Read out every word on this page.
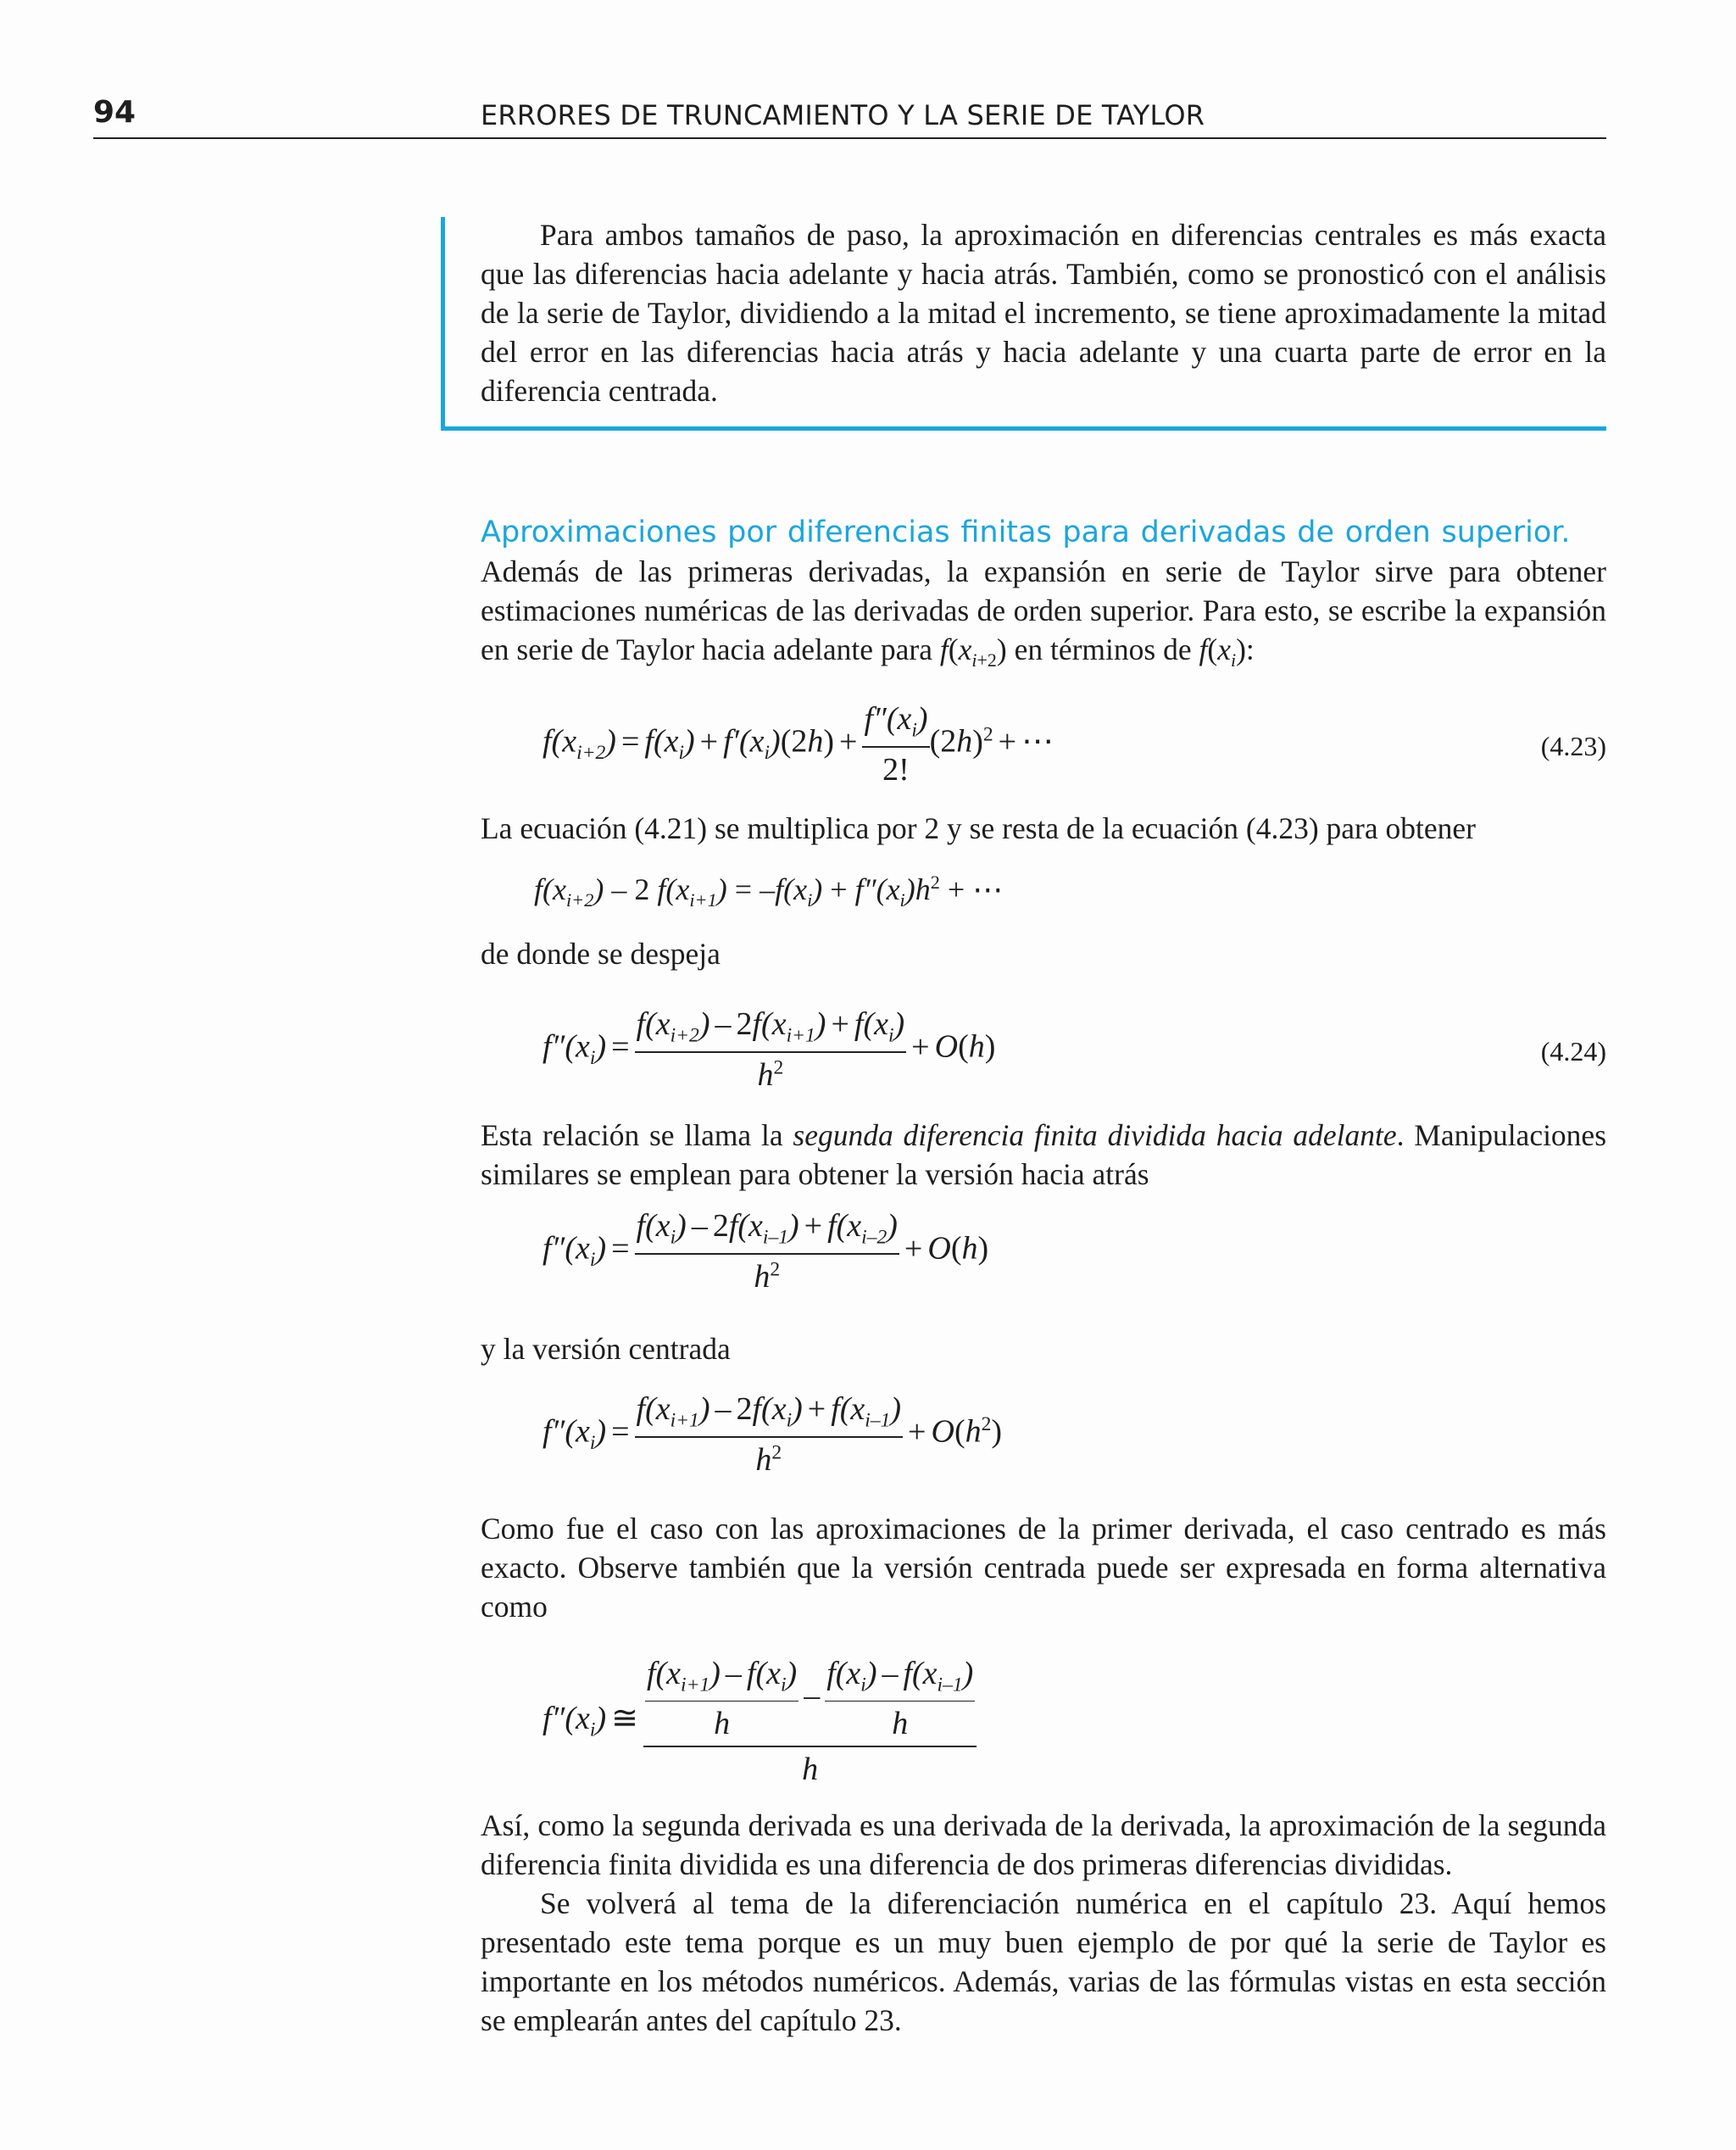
94	ERRORES DE TRUNCAMIENTO Y LA SERIE DE TAYLOR
Para ambos tamaños de paso, la aproximación en diferencias centrales es más exacta que las diferencias hacia adelante y hacia atrás. También, como se pronosticó con el análisis de la serie de Taylor, dividiendo a la mitad el incremento, se tiene aproximadamente la mitad del error en las diferencias hacia atrás y hacia adelante y una cuarta parte de error en la diferencia centrada.
Aproximaciones por diferencias finitas para derivadas de orden superior. Además de las primeras derivadas, la expansión en serie de Taylor sirve para obtener estimaciones numéricas de las derivadas de orden superior. Para esto, se escribe la expansión en serie de Taylor hacia adelante para $f(x_{i+2})$ en términos de $f(x_i)$:
$f(x_{i+2}) = f(x_i) + f'(x_i)(2h) + \frac{f''(x_i)}{2!} (2h)^2$ + ⋯	(4.23)
La ecuación (4.21) se multiplica por 2 y se resta de la ecuación (4.23) para obtener
$f(x_{i+2}) - 2$ $f(x_{i+1}) = -f(x_i) + f''(x_i)h^2$ + ⋯
de donde se despeja
$f''(x_i) = \frac{f(x_{i+2}) - 2f(x_{i+1}) + f(x_i)}{h^2} + O(h)$	(4.24)
Esta relación se llama la segunda diferencia finita dividida hacia adelante. Manipulaciones similares se emplean para obtener la versión hacia atrás
$f''(x_i) = \frac{f(x_i) - 2f(x_{i-1}) + f(x_{i-2})}{h^2} + O(h)$
y la versión centrada
$f''(x_i) = \frac{f(x_{i+1}) - 2f(x_i) + f(x_{i-1})}{h^2} + O(h^2)$
Como fue el caso con las aproximaciones de la primer derivada, el caso centrado es más exacto. Observe también que la versión centrada puede ser expresada en forma alternativa como
$f''(x_i)$ ≅ $\frac{\frac{f(x_{i+1}) - f(x_i)}{h} - \frac{f(x_i) - f(x_{i-1})}{h}}{h}$
Así, como la segunda derivada es una derivada de la derivada, la aproximación de la segunda diferencia finita dividida es una diferencia de dos primeras diferencias divididas.
Se volverá al tema de la diferenciación numérica en el capítulo 23. Aquí hemos presentado este tema porque es un muy buen ejemplo de por qué la serie de Taylor es importante en los métodos numéricos. Además, varias de las fórmulas vistas en esta sección se emplearán antes del capítulo 23.
